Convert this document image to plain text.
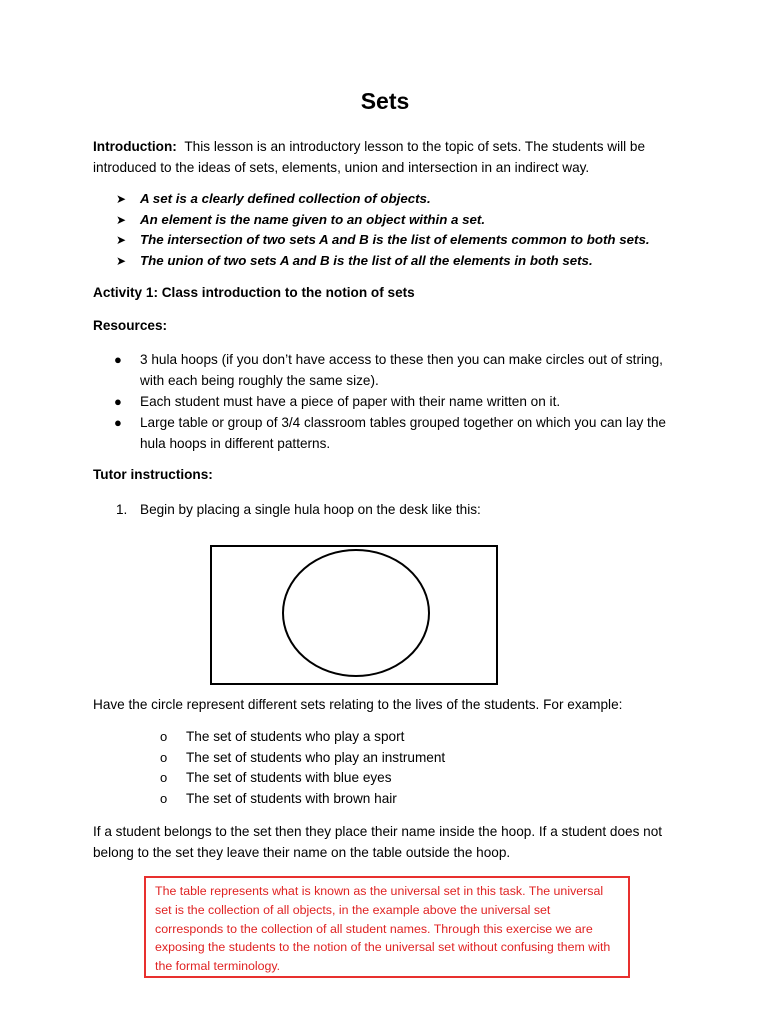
Sets
Introduction: This lesson is an introductory lesson to the topic of sets. The students will be introduced to the ideas of sets, elements, union and intersection in an indirect way.
➤ A set is a clearly defined collection of objects.
➤ An element is the name given to an object within a set.
➤ The intersection of two sets A and B is the list of elements common to both sets.
➤ The union of two sets A and B is the list of all the elements in both sets.
Activity 1: Class introduction to the notion of sets
Resources:
● 3 hula hoops (if you don’t have access to these then you can make circles out of string, with each being roughly the same size).
● Each student must have a piece of paper with their name written on it.
● Large table or group of 3/4 classroom tables grouped together on which you can lay the hula hoops in different patterns.
Tutor instructions:
1. Begin by placing a single hula hoop on the desk like this:
Have the circle represent different sets relating to the lives of the students. For example:
o The set of students who play a sport
o The set of students who play an instrument
o The set of students with blue eyes
o The set of students with brown hair
If a student belongs to the set then they place their name inside the hoop. If a student does not belong to the set they leave their name on the table outside the hoop.
The table represents what is known as the universal set in this task. The universal set is the collection of all objects, in the example above the universal set corresponds to the collection of all student names. Through this exercise we are exposing the students to the notion of the universal set without confusing them with the formal terminology.
